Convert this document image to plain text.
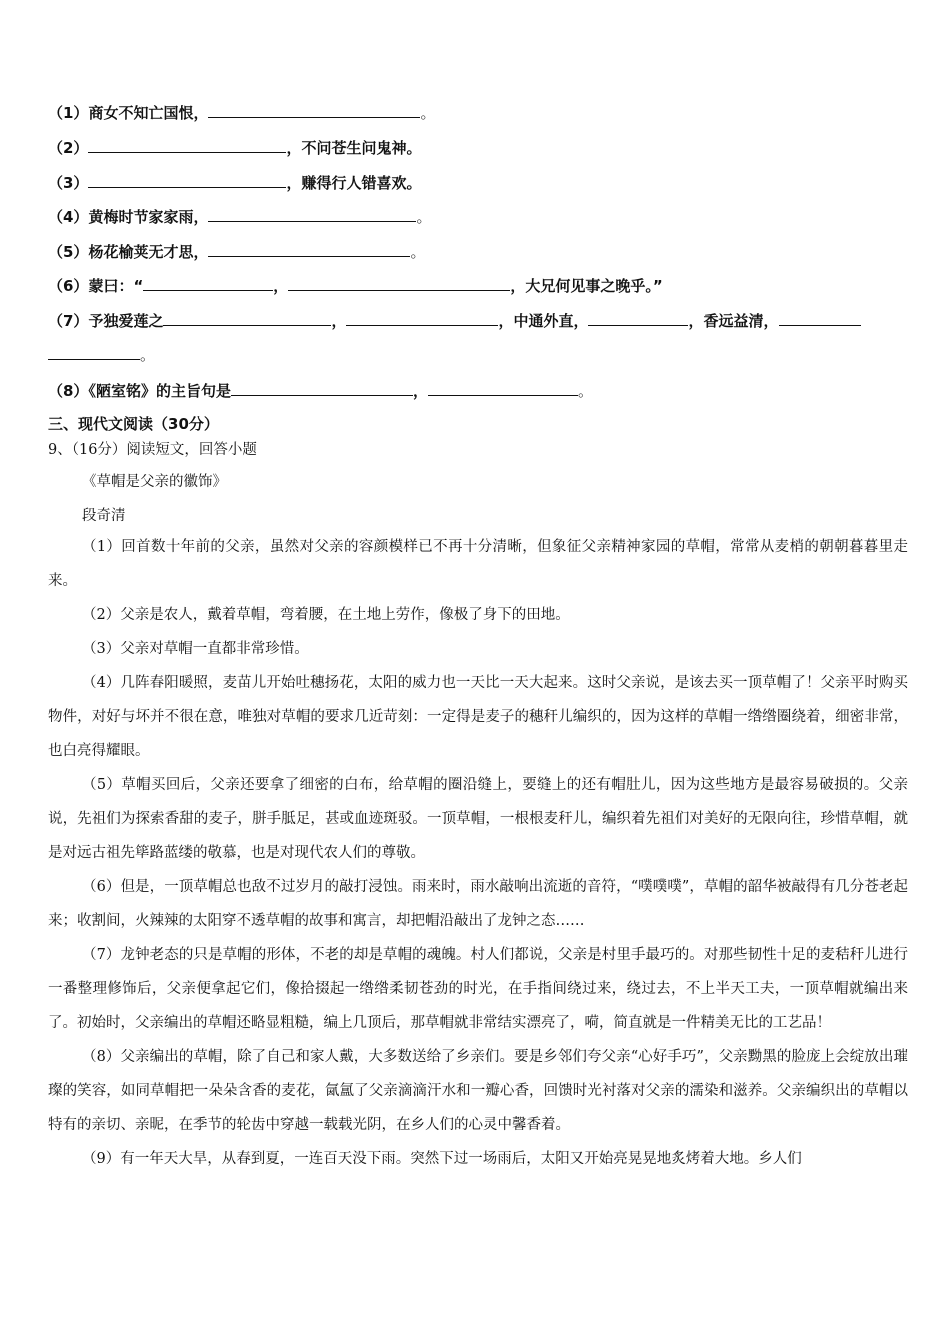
（1）商女不知亡国恨，	。
（2）	，不问苍生问鬼神。
（3）	，赚得行人错喜欢。
（4）黄梅时节家家雨，	。
（5）杨花榆荚无才思，	。
（6）蒙曰：“	，	，大兄何见事之晚乎。”
（7）予独爱莲之	，	，中通外直，	，香远益清，
。
（8）《陋室铭》的主旨句是	，	。
三、现代文阅读（30分）
9、（16分）阅读短文，回答小题
《草帽是父亲的徽饰》
段奇清

（1）回首数十年前的父亲，虽然对父亲的容颜模样已不再十分清晰，但象征父亲精神家园的草帽，常常从麦梢的朝朝暮暮里走来。

（2）父亲是农人，戴着草帽，弯着腰，在土地上劳作，像极了身下的田地。

（3）父亲对草帽一直都非常珍惜。

（4）几阵春阳暖照，麦苗儿开始吐穗扬花，太阳的威力也一天比一天大起来。这时父亲说，是该去买一顶草帽了！父亲平时购买物件，对好与坏并不很在意，唯独对草帽的要求几近苛刻：一定得是麦子的穗秆儿编织的，因为这样的草帽一绺绺圈绕着，细密非常，也白亮得耀眼。

（5）草帽买回后，父亲还要拿了细密的白布，给草帽的圈沿缝上，要缝上的还有帽肚儿，因为这些地方是最容易破损的。父亲说，先祖们为探索香甜的麦子，胼手胝足，甚或血迹斑驳。一顶草帽，一根根麦秆儿，编织着先祖们对美好的无限向往，珍惜草帽，就是对远古祖先筚路蓝缕的敬慕，也是对现代农人们的尊敬。

（6）但是，一顶草帽总也敌不过岁月的敲打浸蚀。雨来时，雨水敲响出流逝的音符，“噗噗噗”，草帽的韶华被敲得有几分苍老起来；收割间，火辣辣的太阳穿不透草帽的故事和寓言，却把帽沿敲出了龙钟之态……

（7）龙钟老态的只是草帽的形体，不老的却是草帽的魂魄。村人们都说，父亲是村里手最巧的。对那些韧性十足的麦秸秆儿进行一番整理修饰后，父亲便拿起它们，像拾掇起一绺绺柔韧苍劲的时光，在手指间绕过来，绕过去，不上半天工夫，一顶草帽就编出来了。初始时，父亲编出的草帽还略显粗糙，编上几顶后，那草帽就非常结实漂亮了，嗬，简直就是一件精美无比的工艺品！

（8）父亲编出的草帽，除了自己和家人戴，大多数送给了乡亲们。要是乡邻们夸父亲“心好手巧”，父亲黝黑的脸庞上会绽放出璀璨的笑容，如同草帽把一朵朵含香的麦花，氤氲了父亲滴滴汗水和一瓣心香，回馈时光衬落对父亲的濡染和滋养。父亲编织出的草帽以特有的亲切、亲昵，在季节的轮齿中穿越一载载光阴，在乡人们的心灵中馨香着。

（9）有一年天大旱，从春到夏，一连百天没下雨。突然下过一场雨后，太阳又开始亮晃晃地炙烤着大地。乡人们
